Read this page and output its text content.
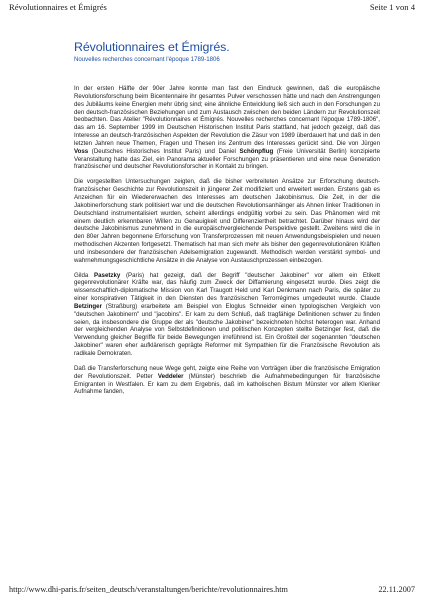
Révolutionnaires et Émigrés	Seite 1 von 4
Révolutionnaires et Émigrés.
Nouvelles recherches concernant l'époque 1789-1806

In der ersten Hälfte der 90er Jahre konnte man fast den Eindruck gewinnen, daß die europäische Revolutionsforschung beim Bicentennaire ihr gesamtes Pulver verschossen hätte und nach den Anstrengungen des Jubiläums keine Energien mehr übrig sind; eine ähnliche Entwicklung ließ sich auch in den Forschungen zu den deutsch-französischen Beziehungen und zum Austausch zwischen den beiden Ländern zur Revolutionszeit beobachten. Das Atelier "Révolutionnaires et Émigrés. Nouvelles recherches concernant l'époque 1789-1806", das am 16. September 1999 im Deutschen Historischen Institut Paris stattfand, hat jedoch gezeigt, daß das Interesse an deutsch-französischen Aspekten der Revolution die Zäsur von 1989 überdauert hat und daß in den letzten Jahren neue Themen, Fragen und Thesen ins Zentrum des Interesses gerückt sind. Die von Jürgen Voss (Deutsches Historisches Institut Paris) und Daniel Schönpflug (Freie Universität Berlin) konzipierte Veranstaltung hatte das Ziel, ein Panorama aktueller Forschungen zu präsentieren und eine neue Generation französischer und deutscher Revolutionsforscher in Kontakt zu bringen.

Die vorgestellten Untersuchungen zeigten, daß die bisher verbreiteten Ansätze zur Erforschung deutsch-französischer Geschichte zur Revolutionszeit in jüngerer Zeit modifiziert und erweitert werden. Erstens gab es Anzeichen für ein Wiedererwachen des Interesses am deutschen Jakobinismus. Die Zeit, in der die Jakobinerforschung stark politisiert war und die deutschen Revolutionsanhänger als Ahnen linker Traditionen in Deutschland instrumentalisiert wurden, scheint allerdings endgültig vorbei zu sein. Das Phänomen wird mit einem deutlich erkennbaren Willen zu Genauigkeit und Differenziertheit betrachtet. Darüber hinaus wird der deutsche Jakobinismus zunehmend in die europäischvergleichende Perspektive gestellt. Zweitens wird die in den 80er Jahren begonnene Erforschung von Transferprozessen mit neuen Anwendungsbeispielen und neuen methodischen Akzenten fortgesetzt. Thematisch hat man sich mehr als bisher den gegenrevolutionären Kräften und insbesondere der französischen Adelsemigration zugewandt. Methodisch werden verstärkt symbol- und wahrnehmungsgeschichtliche Ansätze in die Analyse von Austauschprozessen einbezogen.

Gilda Pasetzky (Paris) hat gezeigt, daß der Begriff "deutscher Jakobiner" vor allem ein Etikett gegenrevolutionärer Kräfte war, das häufig zum Zweck der Diffamierung eingesetzt wurde. Dies zeigt die wissenschaftlich-diplomatische Mission von Karl Traugott Held und Karl Denkmann nach Paris, die später zu einer konspirativen Tätigkeit in den Diensten des französischen Terrorrégimes umgedeutet wurde. Claude Betzinger (Straßburg) erarbeitete am Beispiel von Eloglus Schneider einen typologischen Vergleich von "deutschen Jakobinern" und "jacobins". Er kam zu dem Schluß, daß tragfähige Definitionen schwer zu finden seien, da insbesondere die Gruppe der als "deutsche Jakobiner" bezeichneten höchst heterogen war. Anhand der vergleichenden Analyse von Selbstdefinitionen und politischen Konzepten stellte Betzinger fest, daß die Verwendung gleicher Begriffe für beide Bewegungen irreführend ist. Ein Großteil der sogenannten "deutschen Jakobiner" waren eher aufklärerisch geprägte Reformer mit Sympathien für die Französische Revolution als radikale Demokraten.

Daß die Transferforschung neue Wege geht, zeigte eine Reihe von Vorträgen über die französische Emigration der Revolutionszeit. Petter Veddeler (Münster) beschrieb die Aufnahmebedingungen für französische Emigranten in Westfalen. Er kam zu dem Ergebnis, daß im katholischen Bistum Münster vor allem Kleriker Aufnahme fanden,

http://www.dhi-paris.fr/seiten_deutsch/veranstaltungen/berichte/revolutionnaires.htm	22.11.2007
